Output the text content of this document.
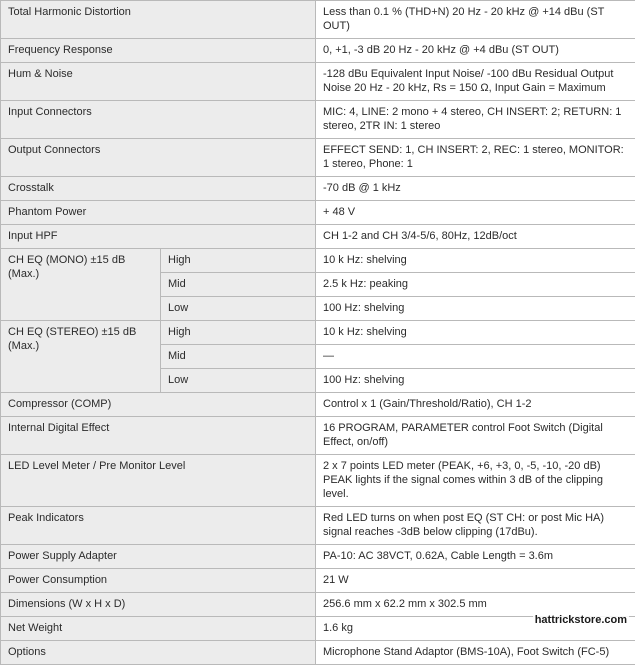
Total Harmonic Distortion		Less than 0.1 % (THD+N) 20 Hz - 20 kHz @ +14 dBu (ST OUT)
Frequency Response		0, +1, -3 dB 20 Hz - 20 kHz @ +4 dBu (ST OUT)
Hum & Noise		-128 dBu Equivalent Input Noise/ -100 dBu Residual Output Noise 20 Hz - 20 kHz, Rs = 150 Ω, Input Gain = Maximum
Input Connectors		MIC: 4, LINE: 2 mono + 4 stereo, CH INSERT: 2; RETURN: 1 stereo, 2TR IN: 1 stereo
Output Connectors		EFFECT SEND: 1, CH INSERT: 2, REC: 1 stereo, MONITOR: 1 stereo, Phone: 1
Crosstalk		-70 dB @ 1 kHz
Phantom Power		+ 48 V
Input HPF		CH 1-2 and CH 3/4-5/6, 80Hz, 12dB/oct
CH EQ (MONO) ±15 dB (Max.)	High	10 k Hz: shelving
	Mid	2.5 k Hz: peaking
	Low	100 Hz: shelving
CH EQ (STEREO) ±15 dB (Max.)	High	10 k Hz: shelving
	Mid	—
	Low	100 Hz: shelving
Compressor (COMP)		Control x 1 (Gain/Threshold/Ratio), CH 1-2
Internal Digital Effect		16 PROGRAM, PARAMETER control Foot Switch (Digital Effect, on/off)
LED Level Meter / Pre Monitor Level		2 x 7 points LED meter (PEAK, +6, +3, 0, -5, -10, -20 dB) PEAK lights if the signal comes within 3 dB of the clipping level.
Peak Indicators		Red LED turns on when post EQ (ST CH: or post Mic HA) signal reaches -3dB below clipping (17dBu).
Power Supply Adapter		PA-10: AC 38VCT, 0.62A, Cable Length = 3.6m
Power Consumption		21 W
Dimensions (W x H x D)		256.6 mm x 62.2 mm x 302.5 mm
Net Weight		1.6 kg
Options		Microphone Stand Adaptor (BMS-10A), Foot Switch (FC-5)
hattrickstore.com
